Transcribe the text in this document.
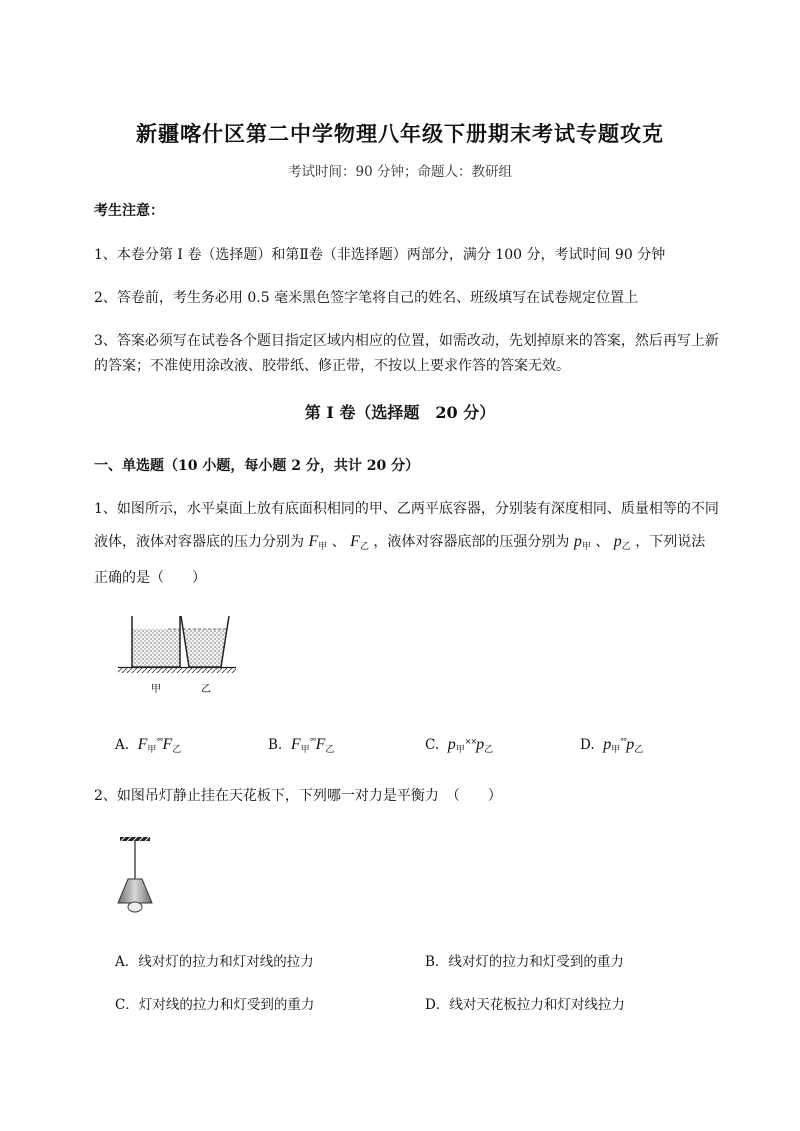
新疆喀什区第二中学物理八年级下册期末考试专题攻克
考试时间：90 分钟；命题人：教研组
考生注意：
1、本卷分第 I 卷（选择题）和第Ⅱ卷（非选择题）两部分，满分 100 分，考试时间 90 分钟
2、答卷前，考生务必用 0.5 毫米黑色签字笔将自己的姓名、班级填写在试卷规定位置上
3、答案必须写在试卷各个题目指定区域内相应的位置，如需改动，先划掉原来的答案，然后再写上新
的答案；不准使用涂改液、胶带纸、修正带，不按以上要求作答的答案无效。
第 I 卷（选择题　20 分）
一、单选题（10 小题，每小题 2 分，共计 20 分）
1、如图所示，水平桌面上放有底面积相同的甲、乙两平底容器，分别装有深度相同、质量相等的不同
液体，液体对容器底的压力分别为 $F_甲$ 、 $F_乙$ ，液体对容器底部的压强分别为 $p_甲$ 、 $p_乙$ ，下列说法
正确的是（　　）
甲	乙
A. $F_甲^{^\circ^\circ}F_乙$	B. $F_甲^{^\circ^\circ}F_乙$	C. $p_甲^{\times\times}p_乙$	D. $p_甲^{^\circ^\circ}p_乙$
2、如图吊灯静止挂在天花板下，下列哪一对力是平衡力　（　　）
A．线对灯的拉力和灯对线的拉力	B．线对灯的拉力和灯受到的重力
C．灯对线的拉力和灯受到的重力	D．线对天花板拉力和灯对线拉力
